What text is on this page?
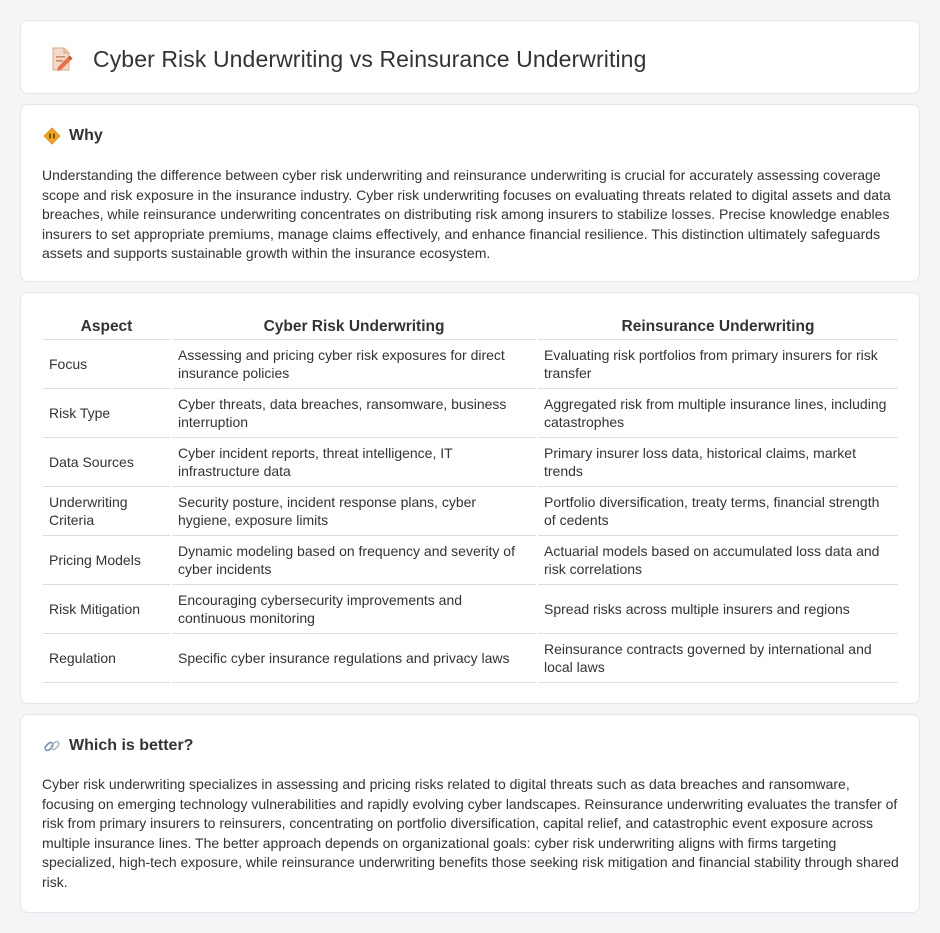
Cyber Risk Underwriting vs Reinsurance Underwriting
Why

Understanding the difference between cyber risk underwriting and reinsurance underwriting is crucial for accurately assessing coverage scope and risk exposure in the insurance industry. Cyber risk underwriting focuses on evaluating threats related to digital assets and data breaches, while reinsurance underwriting concentrates on distributing risk among insurers to stabilize losses. Precise knowledge enables insurers to set appropriate premiums, manage claims effectively, and enhance financial resilience. This distinction ultimately safeguards assets and supports sustainable growth within the insurance ecosystem.

Aspect	Cyber Risk Underwriting	Reinsurance Underwriting
Focus	Assessing and pricing cyber risk exposures for direct insurance policies	Evaluating risk portfolios from primary insurers for risk transfer
Risk Type	Cyber threats, data breaches, ransomware, business interruption	Aggregated risk from multiple insurance lines, including catastrophes
Data Sources	Cyber incident reports, threat intelligence, IT infrastructure data	Primary insurer loss data, historical claims, market trends
Underwriting Criteria	Security posture, incident response plans, cyber hygiene, exposure limits	Portfolio diversification, treaty terms, financial strength of cedents
Pricing Models	Dynamic modeling based on frequency and severity of cyber incidents	Actuarial models based on accumulated loss data and risk correlations
Risk Mitigation	Encouraging cybersecurity improvements and continuous monitoring	Spread risks across multiple insurers and regions
Regulation	Specific cyber insurance regulations and privacy laws	Reinsurance contracts governed by international and local laws
Which is better?

Cyber risk underwriting specializes in assessing and pricing risks related to digital threats such as data breaches and ransomware, focusing on emerging technology vulnerabilities and rapidly evolving cyber landscapes. Reinsurance underwriting evaluates the transfer of risk from primary insurers to reinsurers, concentrating on portfolio diversification, capital relief, and catastrophic event exposure across multiple insurance lines. The better approach depends on organizational goals: cyber risk underwriting aligns with firms targeting specialized, high-tech exposure, while reinsurance underwriting benefits those seeking risk mitigation and financial stability through shared risk.
